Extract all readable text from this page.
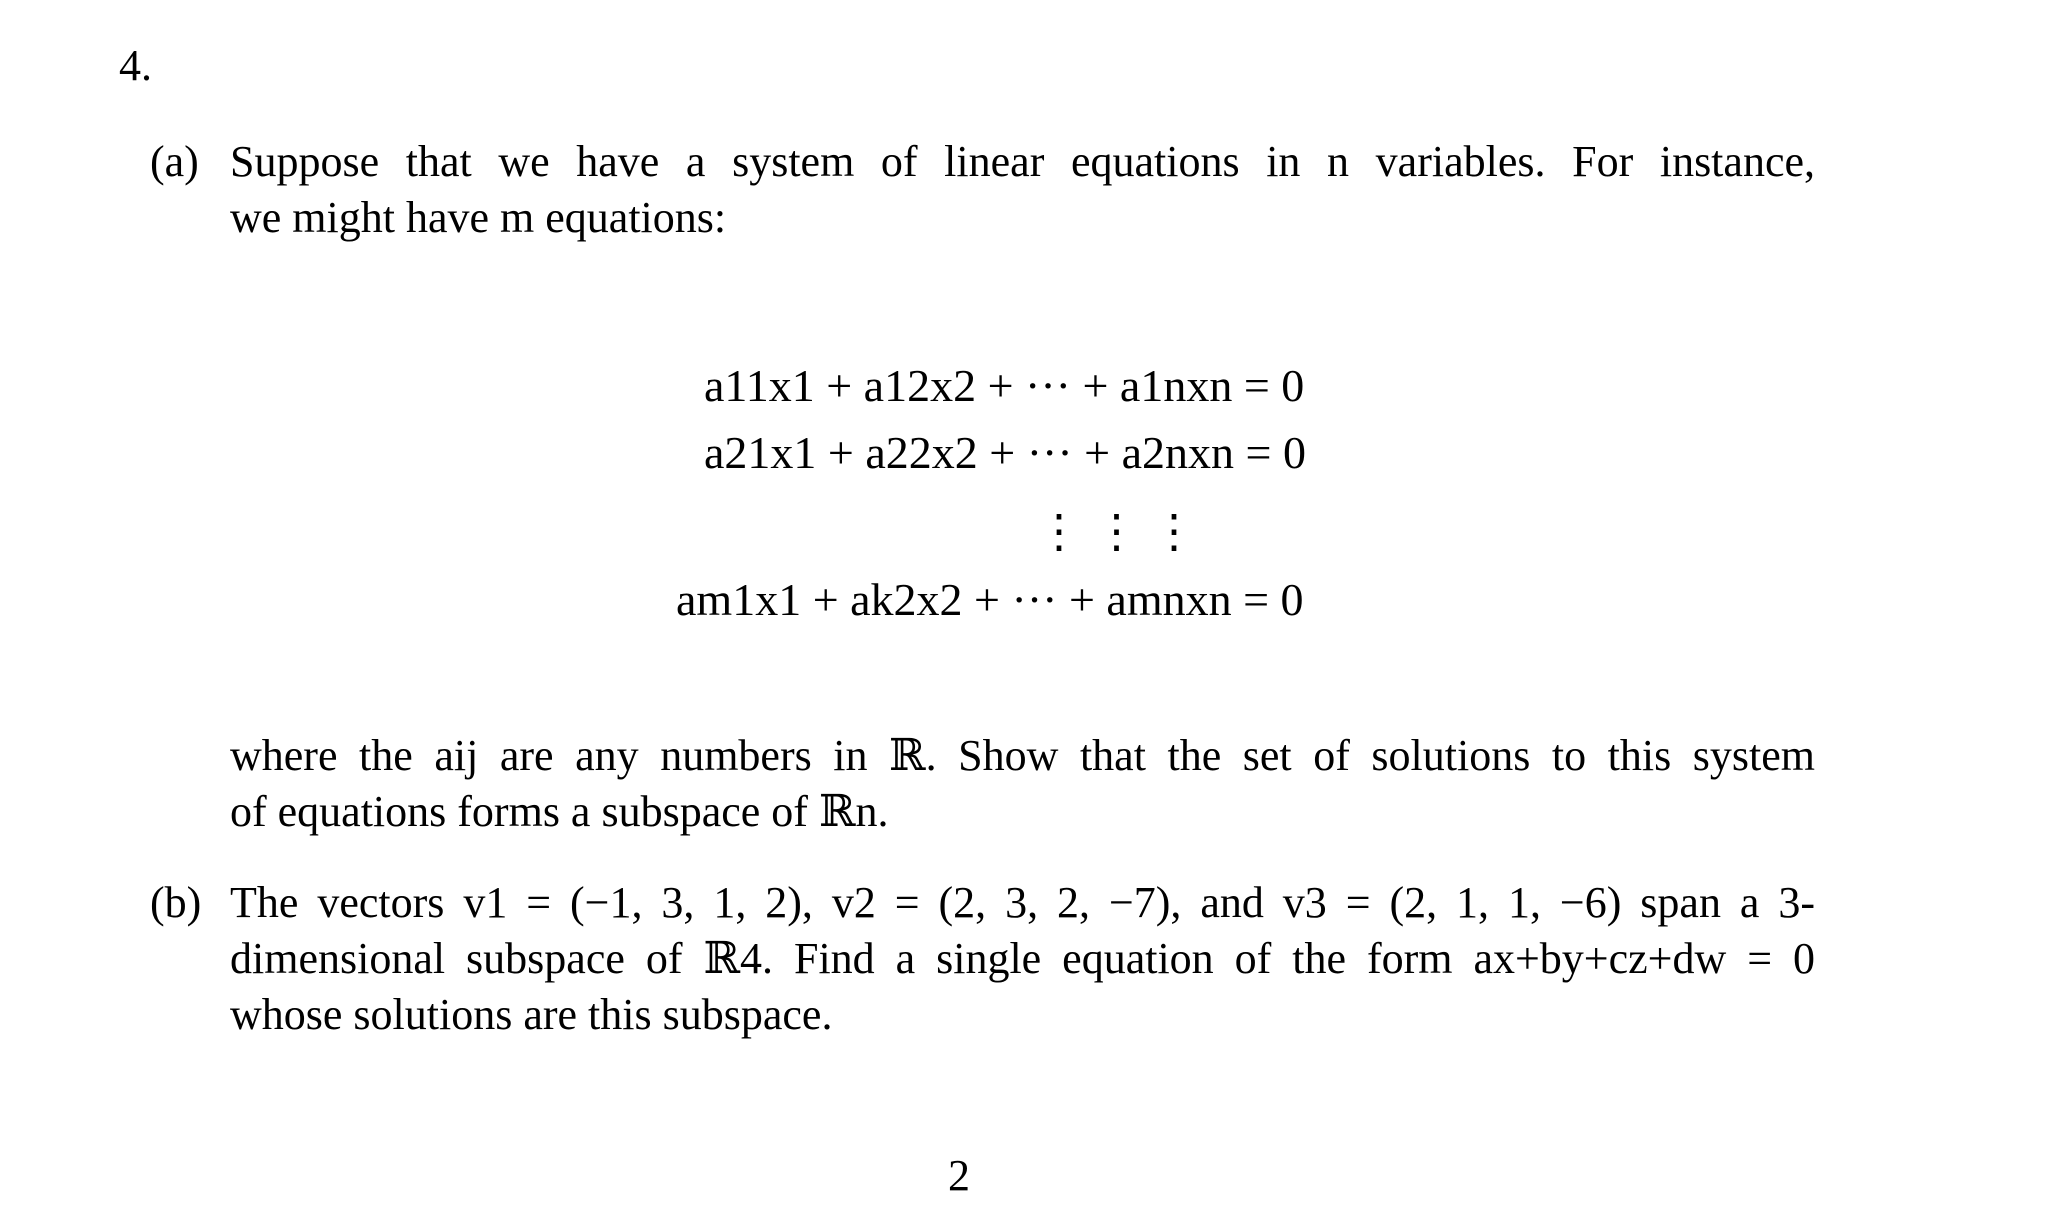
4.
(a) Suppose that we have a system of linear equations in n variables. For instance,
we might have m equations:
a11x1 + a12x2 + ··· + a1nxn = 0
a21x1 + a22x2 + ··· + a2nxn = 0
⋮ ⋮ ⋮
am1x1 + ak2x2 + ··· + amnxn = 0
where the aij are any numbers in ℝ. Show that the set of solutions to this system
of equations forms a subspace of ℝn.
(b) The vectors v1 = (−1, 3, 1, 2), v2 = (2, 3, 2, −7), and v3 = (2, 1, 1, −6) span a 3-
dimensional subspace of ℝ4. Find a single equation of the form ax+by+cz+dw = 0
whose solutions are this subspace.
2
